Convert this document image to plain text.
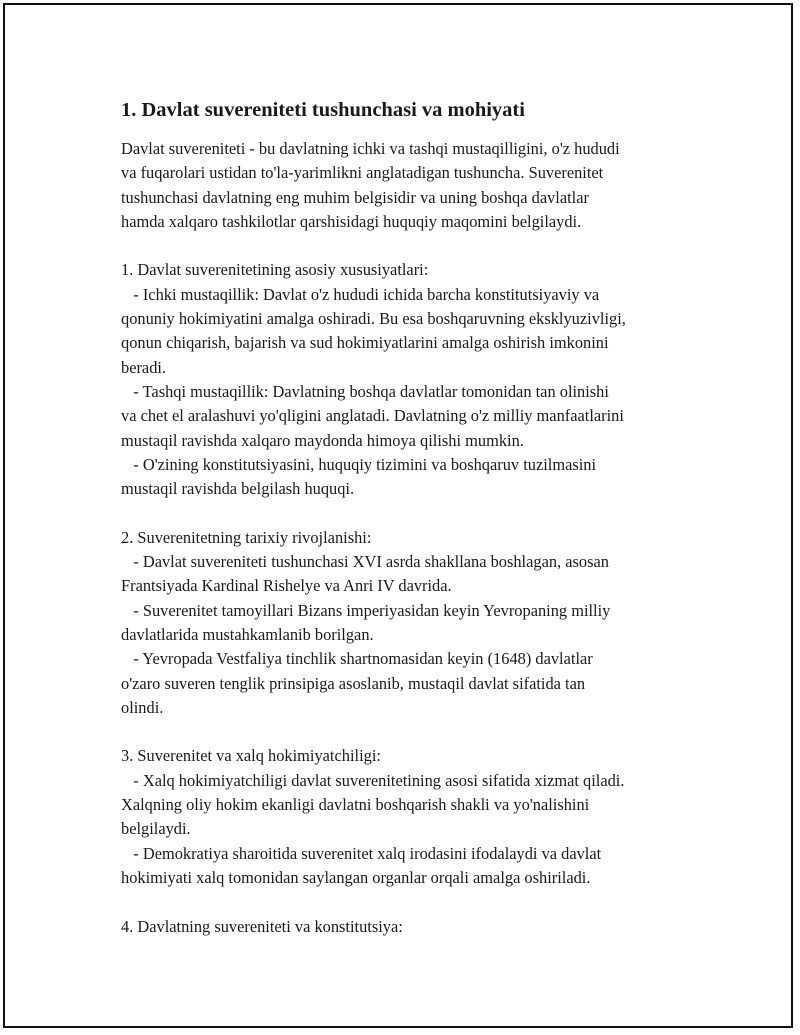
1. Davlat suvereniteti tushunchasi va mohiyati

Davlat suvereniteti - bu davlatning ichki va tashqi mustaqilligini, o'z hududi
va fuqarolari ustidan to'la-yarimlikni anglatadigan tushuncha. Suverenitet
tushunchasi davlatning eng muhim belgisidir va uning boshqa davlatlar
hamda xalqaro tashkilotlar qarshisidagi huquqiy maqomini belgilaydi.

1. Davlat suverenitetining asosiy xususiyatlari:
- Ichki mustaqillik: Davlat o'z hududi ichida barcha konstitutsiyaviy va
qonuniy hokimiyatini amalga oshiradi. Bu esa boshqaruvning eksklyuzivligi,
qonun chiqarish, bajarish va sud hokimiyatlarini amalga oshirish imkonini
beradi.
- Tashqi mustaqillik: Davlatning boshqa davlatlar tomonidan tan olinishi
va chet el aralashuvi yo'qligini anglatadi. Davlatning o'z milliy manfaatlarini
mustaqil ravishda xalqaro maydonda himoya qilishi mumkin.
- O'zining konstitutsiyasini, huquqiy tizimini va boshqaruv tuzilmasini
mustaqil ravishda belgilash huquqi.

2. Suverenitetning tarixiy rivojlanishi:
- Davlat suvereniteti tushunchasi XVI asrda shakllana boshlagan, asosan
Frantsiyada Kardinal Rishelye va Anri IV davrida.
- Suverenitet tamoyillari Bizans imperiyasidan keyin Yevropaning milliy
davlatlarida mustahkamlanib borilgan.
- Yevropada Vestfaliya tinchlik shartnomasidan keyin (1648) davlatlar
o'zaro suveren tenglik prinsipiga asoslanib, mustaqil davlat sifatida tan
olindi.

3. Suverenitet va xalq hokimiyatchiligi:
- Xalq hokimiyatchiligi davlat suverenitetining asosi sifatida xizmat qiladi.
Xalqning oliy hokim ekanligi davlatni boshqarish shakli va yo'nalishini
belgilaydi.
- Demokratiya sharoitida suverenitet xalq irodasini ifodalaydi va davlat
hokimiyati xalq tomonidan saylangan organlar orqali amalga oshiriladi.

4. Davlatning suvereniteti va konstitutsiya:
